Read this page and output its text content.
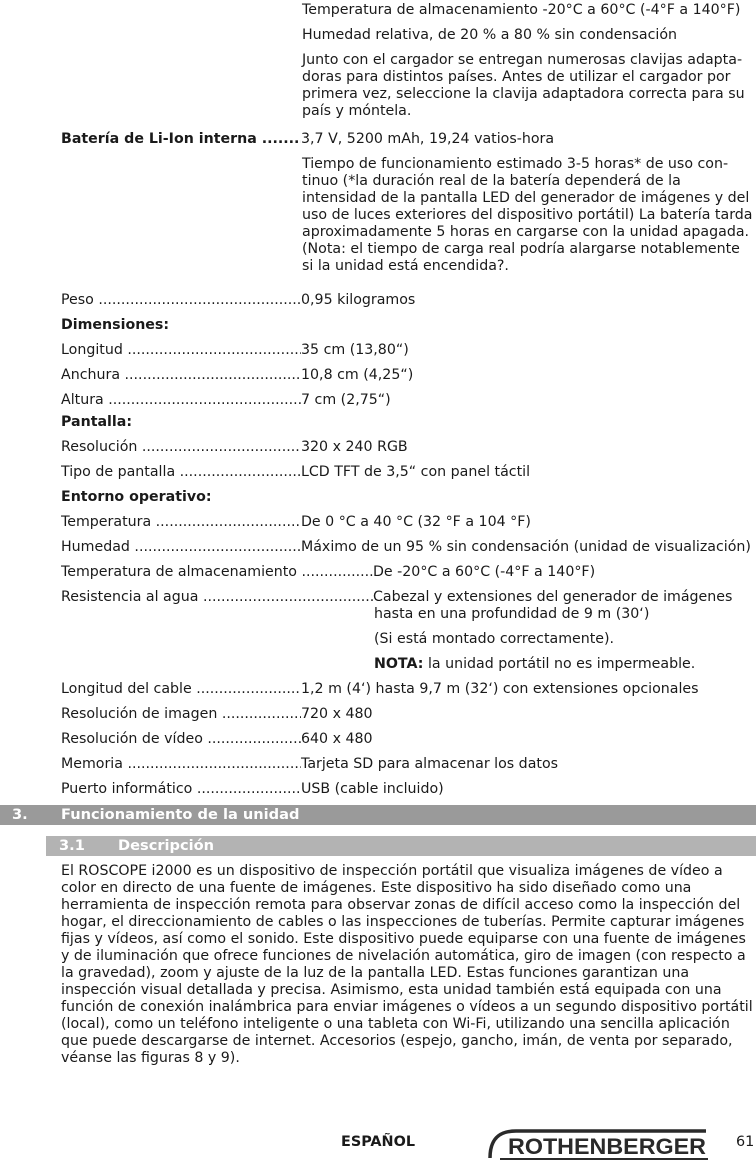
Temperatura de almacenamiento -20°C a 60°C (-4°F a 140°F)
Humedad relativa, de 20 % a 80 % sin condensación
Junto con el cargador se entregan numerosas clavijas adapta-doras para distintos países. Antes de utilizar el cargador por primera vez, seleccione la clavija adaptadora correcta para su país y móntela.
Batería de Li-Ion interna .....	3,7 V, 5200 mAh, 19,24 vatios-hora
Tiempo de funcionamiento estimado 3-5 horas* de uso con-tinuo (*la duración real de la batería dependerá de la intensidad de la pantalla LED del generador de imágenes y del uso de luces exteriores del dispositivo portátil) La batería tarda aproximadamente 5 horas en cargarse con la unidad apagada. (Nota: el tiempo de carga real podría alargarse notablemente si la unidad está encendida?.
Peso .....	0,95 kilogramos
Dimensiones:
Longitud .....	35 cm (13,80“)
Anchura .....	10,8 cm (4,25“)
Altura .....	7 cm (2,75“)
Pantalla:
Resolución .....	320 x 240 RGB
Tipo de pantalla .....	LCD TFT de 3,5“ con panel táctil
Entorno operativo:
Temperatura .....	De 0 °C a 40 °C (32 °F a 104 °F)
Humedad .....	Máximo de un 95 % sin condensación (unidad de visualización)
Temperatura de almacenamiento .....	De -20°C a 60°C (-4°F a 140°F)
Resistencia al agua .....	Cabezal y extensiones del generador de imágenes
hasta en una profundidad de 9 m (30‘)
(Si está montado correctamente).
NOTA: la unidad portátil no es impermeable.
Longitud del cable .....	1,2 m (4‘) hasta 9,7 m (32‘) con extensiones opcionales
Resolución de imagen .....	720 x 480
Resolución de vídeo .....	640 x 480
Memoria .....	Tarjeta SD para almacenar los datos
Puerto informático .....	USB (cable incluido)
3. Funcionamiento de la unidad
3.1 Descripción
El ROSCOPE i2000 es un dispositivo de inspección portátil que visualiza imágenes de vídeo a color en directo de una fuente de imágenes. Este dispositivo ha sido diseñado como una herramienta de inspección remota para observar zonas de difícil acceso como la inspección del hogar, el direccionamiento de cables o las inspecciones de tuberías. Permite capturar imágenes fijas y vídeos, así como el sonido. Este dispositivo puede equiparse con una fuente de imágenes y de iluminación que ofrece funciones de nivelación automática, giro de imagen (con respecto a la gravedad), zoom y ajuste de la luz de la pantalla LED. Estas funciones garantizan una inspección visual detallada y precisa. Asimismo, esta unidad también está equipada con una función de conexión inalámbrica para enviar imágenes o vídeos a un segundo dispositivo portátil (local), como un teléfono inteligente o una tableta con Wi-Fi, utilizando una sencilla aplicación que puede descargarse de internet. Accesorios (espejo, gancho, imán, de venta por separado, véanse las figuras 8 y 9).
ESPAÑOL	ROTHENBERGER 61
